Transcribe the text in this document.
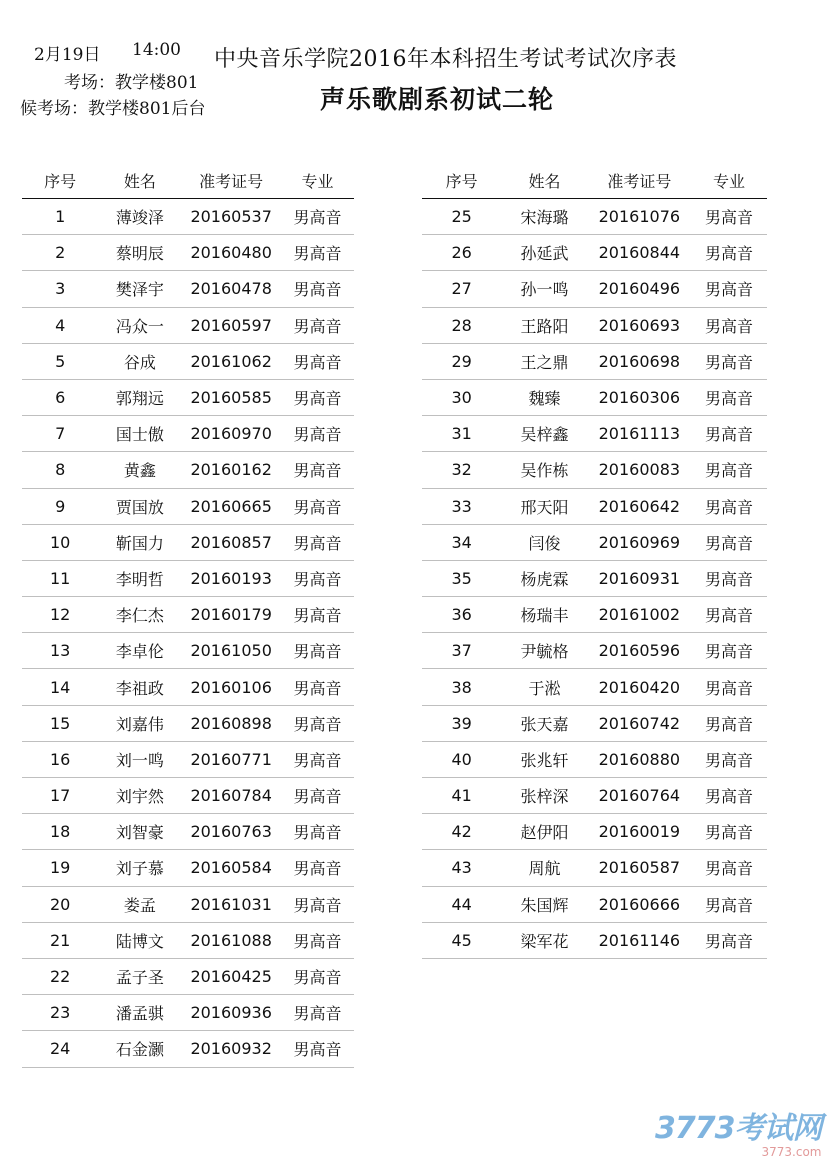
2月19日 14:00
考场：教学楼801
候考场：教学楼801后台
中央音乐学院2016年本科招生考试考试次序表
声乐歌剧系初试二轮
序号	姓名	准考证号	专业
1	薄竣泽	20160537	男高音
2	蔡明辰	20160480	男高音
3	樊泽宇	20160478	男高音
4	冯众一	20160597	男高音
5	谷成	20161062	男高音
6	郭翔远	20160585	男高音
7	国士傲	20160970	男高音
8	黄鑫	20160162	男高音
9	贾国放	20160665	男高音
10	靳国力	20160857	男高音
11	李明哲	20160193	男高音
12	李仁杰	20160179	男高音
13	李卓伦	20161050	男高音
14	李祖政	20160106	男高音
15	刘嘉伟	20160898	男高音
16	刘一鸣	20160771	男高音
17	刘宇然	20160784	男高音
18	刘智豪	20160763	男高音
19	刘子慕	20160584	男高音
20	娄孟	20161031	男高音
21	陆博文	20161088	男高音
22	孟子圣	20160425	男高音
23	潘孟骐	20160936	男高音
24	石金灏	20160932	男高音
序号	姓名	准考证号	专业
25	宋海璐	20161076	男高音
26	孙延武	20160844	男高音
27	孙一鸣	20160496	男高音
28	王路阳	20160693	男高音
29	王之鼎	20160698	男高音
30	魏臻	20160306	男高音
31	吴梓鑫	20161113	男高音
32	吴作栋	20160083	男高音
33	邢天阳	20160642	男高音
34	闫俊	20160969	男高音
35	杨虎霖	20160931	男高音
36	杨瑞丰	20161002	男高音
37	尹毓格	20160596	男高音
38	于淞	20160420	男高音
39	张天嘉	20160742	男高音
40	张兆轩	20160880	男高音
41	张梓深	20160764	男高音
42	赵伊阳	20160019	男高音
43	周航	20160587	男高音
44	朱国辉	20160666	男高音
45	梁军花	20161146	男高音
3773考试网
3773.com
